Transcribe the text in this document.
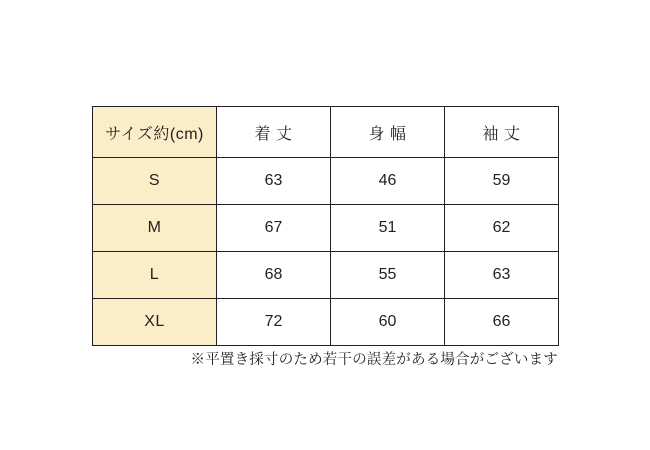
サイズ約(cm)	着 丈	身 幅	袖 丈
S	63	46	59
M	67	51	62
L	68	55	63
XL	72	60	66
※平置き採寸のため若干の誤差がある場合がございます
